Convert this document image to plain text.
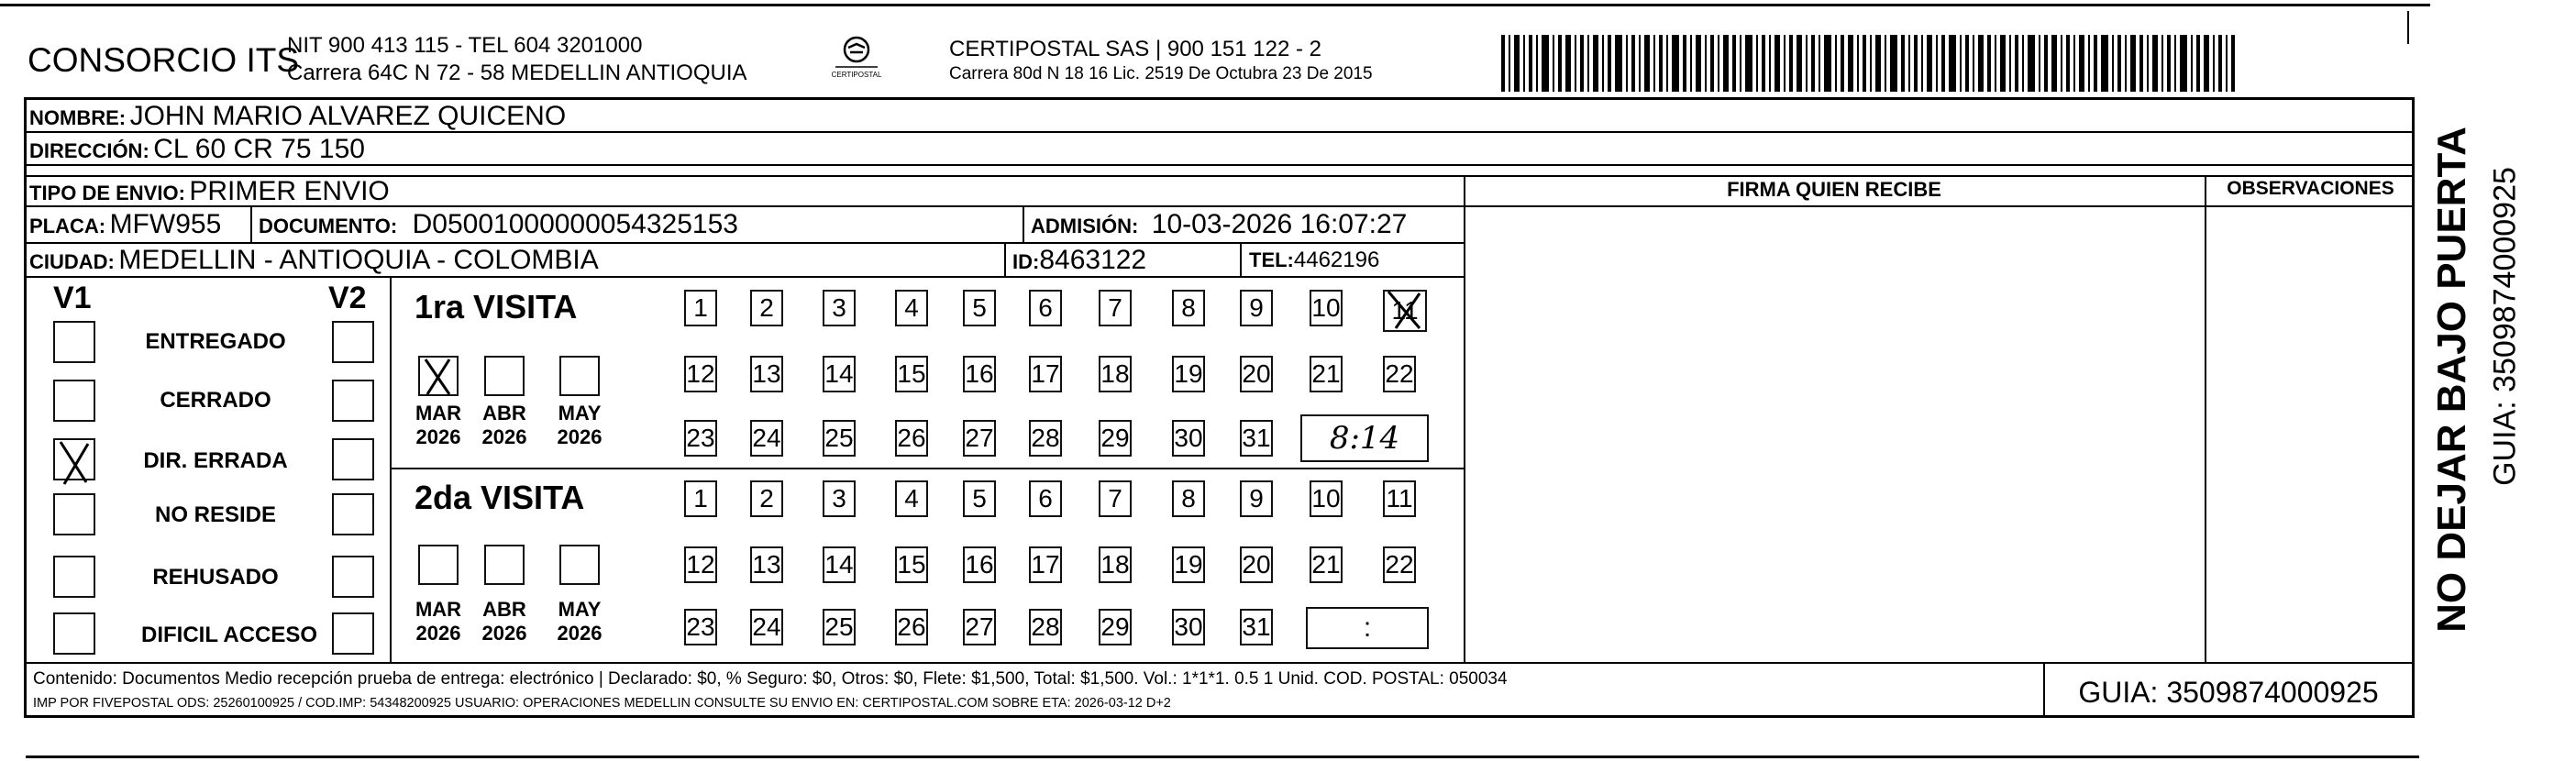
CONSORCIO ITS
NIT 900 413 115 - TEL 604 3201000
Carrera 64C N 72 - 58 MEDELLIN ANTIOQUIA	CERTIPOSTAL
CERTIPOSTAL SAS | 900 151 122 - 2
Carrera 80d N 18 16 Lic. 2519 De Octubra 23 De 2015
NOMBRE: JOHN MARIO ALVAREZ QUICENO
DIRECCIÓN: CL 60 CR 75 150
TIPO DE ENVIO: PRIMER ENVIO	FIRMA QUIEN RECIBE	OBSERVACIONES
PLACA: MFW955 DOCUMENTO: D05001000000054325153	ADMISIÓN: 10-03-2026 16:07:27
CIUDAD: MEDELLIN - ANTIOQUIA - COLOMBIA	ID:8463122	TEL:4462196
V1	V2
ENTREGADO
CERRADO
DIR. ERRADA
NO RESIDE
REHUSADO
DIFICIL ACCESO
1ra VISITA
MAR
2026
ABR
2026
MAY
2026
1	2	3	4	5	6	7	8	9	10	11
12 13 14 15 16 17 18 19 20 21 22
23 24 25 26 27 28 29 30 31	8:14
2da VISITA
MAR
2026
ABR
2026
MAY
2026
1	2	3	4	5	6	7	8	9	10 11
12 13 14 15 16 17 18 19 20 21 22
23 24 25 26 27 28 29 30 31	:	NO DEJAR BAJO PUERTA GUIA: 3509874000925
Contenido: Documentos Medio recepción prueba de entrega: electrónico | Declarado: $0, % Seguro: $0, Otros: $0, Flete: $1,500, Total: $1,500. Vol.: 1*1*1. 0.5 1 Unid. COD. POSTAL: 050034
IMP POR FIVEPOSTAL ODS: 25260100925 / COD.IMP: 54348200925 USUARIO: OPERACIONES MEDELLIN CONSULTE SU ENVIO EN: CERTIPOSTAL.COM SOBRE ETA: 2026-03-12 D+2	GUIA: 3509874000925
